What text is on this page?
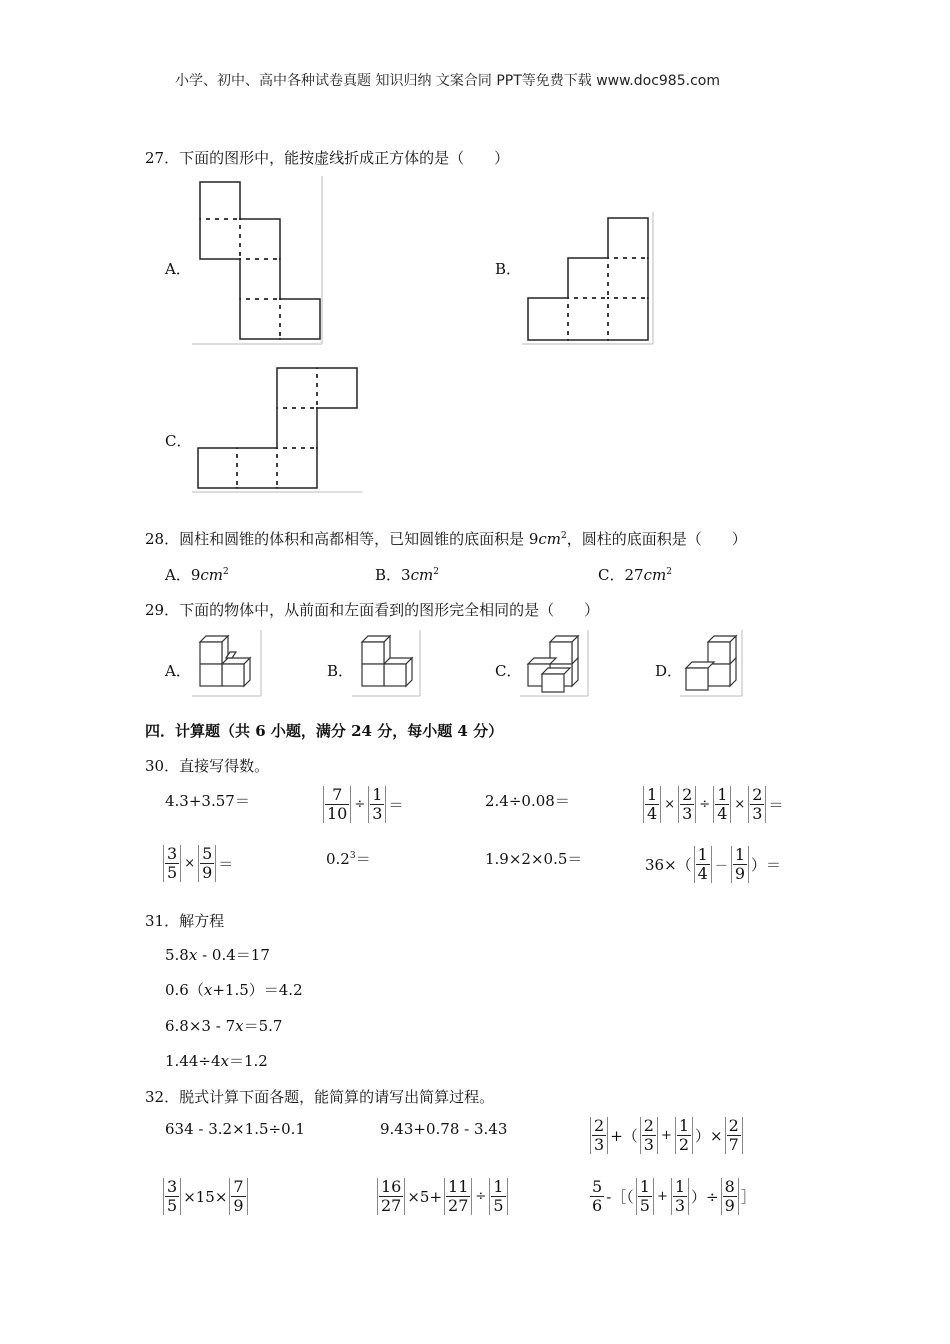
小学、初中、高中各种试卷真题 知识归纳 文案合同 PPT等免费下载 www.doc985.com
27．下面的图形中，能按虚线折成正方体的是（　　）
A．	B．
C．
28．圆柱和圆锥的体积和高都相等，已知圆锥的底面积是 $9cm^2$，圆柱的底面积是（　　）
A．$9cm^2$	B．$3cm^2$	C．$27cm^2$
29．下面的物体中，从前面和左面看到的图形完全相同的是（　　）
A．	B．	C．	D．
四．计算题（共 6 小题，满分 24 分，每小题 4 分）
30．直接写得数。
4.3+3.57＝	$\frac{7}{10} \div \frac{1}{3}$ ＝	2.4÷0.08＝	$\frac{1}{4} \times \frac{2}{3} \div \frac{1}{4} \times \frac{2}{3}$ ＝
$\frac{3}{5} \times \frac{5}{9}$ ＝	$0.2^3=$	1.9×2×0.5＝	$36\times( \frac{1}{4} - \frac{1}{9}$ ）＝
31．解方程
5.8x ‐ 0.4＝17
0.6（x+1.5）＝4.2
6.8×3 ‐ 7x＝5.7
1.44÷4x＝1.2
32．脱式计算下面各题，能简算的请写出简算过程。
634 ‐ 3.2×1.5÷0.1	9.43+0.78 ‐ 3.43	$\frac{2}{3}$ +（ $\frac{2}{3} + \frac{1}{2}$ ）× $\frac{2}{7}$
$\frac{3}{5} \times 15\times \frac{7}{9}$	$\frac{16}{27} \times 5+ \frac{11}{27} \div \frac{1}{5}$	$\frac{5}{6}$ ‐［（ $\frac{1}{5} + \frac{1}{3}$ ）÷ $\frac{8}{9}$ ］
